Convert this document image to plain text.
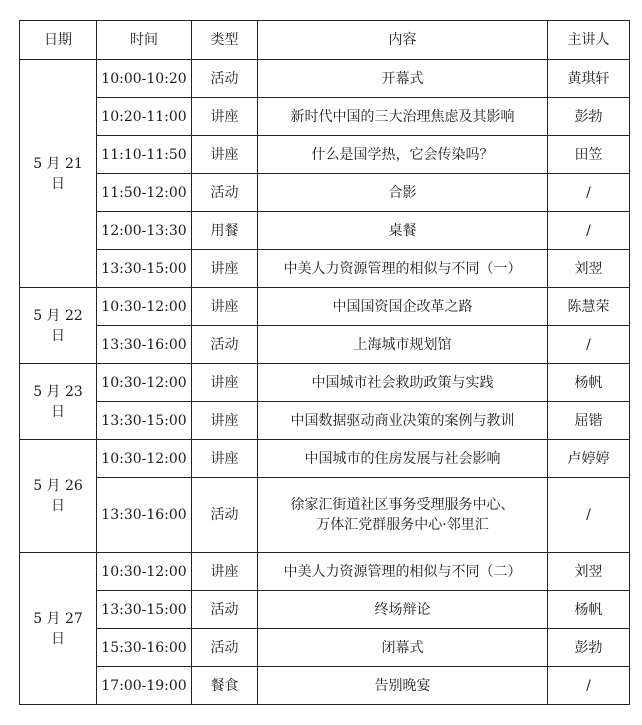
日期	时间	类型	内容	主讲人

5 月 21
日	10:00-10:20	活动	开幕式	黄琪轩
	10:20-11:00	讲座	新时代中国的三大治理焦虑及其影响	彭勃
	11:10-11:50	讲座	什么是国学热，它会传染吗？	田笠
	11:50-12:00	活动	合影	/
	12:00-13:30	用餐	桌餐	/
	13:30-15:00	讲座	中美人力资源管理的相似与不同（一）	刘翌

5 月 22
日	10:30-12:00	讲座	中国国资国企改革之路	陈慧荣
	13:30-16:00	活动	上海城市规划馆	/

5 月 23
日	10:30-12:00	讲座	中国城市社会救助政策与实践	杨帆
	13:30-15:00	讲座	中国数据驱动商业决策的案例与教训	屈锴

5 月 26
日	10:30-12:00	讲座	中国城市的住房发展与社会影响	卢婷婷
	13:30-16:00	活动	徐家汇街道社区事务受理服务中心、
万体汇党群服务中心·邻里汇	/

5 月 27
日	10:30-12:00	讲座	中美人力资源管理的相似与不同（二）	刘翌
	13:30-15:00	活动	终场辩论	杨帆
	15:30-16:00	活动	闭幕式	彭勃
	17:00-19:00	餐食	告别晚宴	/
